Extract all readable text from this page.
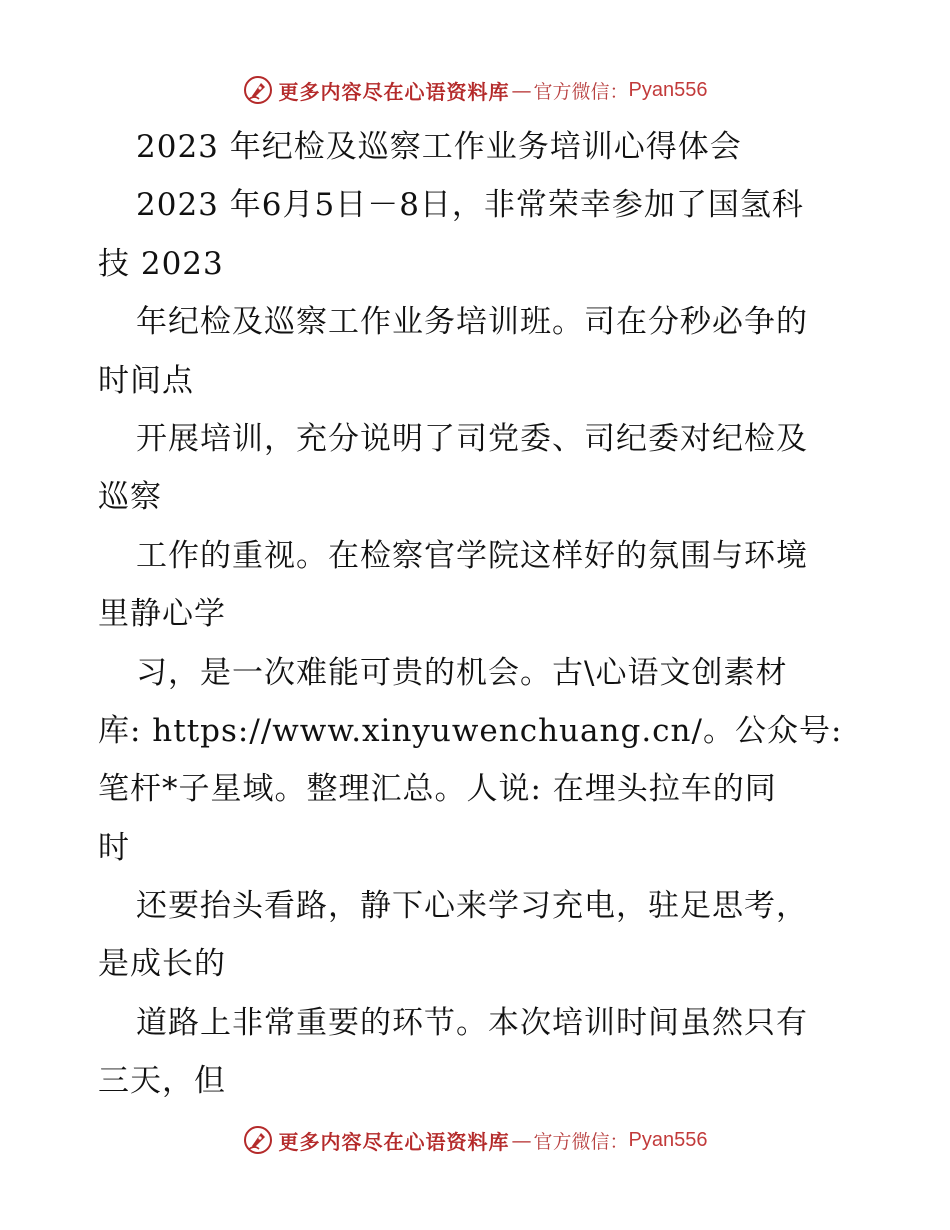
更多内容尽在心语资料库 — 官方微信： Pyan556
2023 年纪检及巡察工作业务培训心得体会
2023 年6月5日－8日，非常荣幸参加了国氢科
技 2023
年纪检及巡察工作业务培训班。司在分秒必争的
时间点
开展培训，充分说明了司党委、司纪委对纪检及
巡察
工作的重视。在检察官学院这样好的氛围与环境
里静心学
习，是一次难能可贵的机会。古\心语文创素材
库: https://www.xinyuwenchuang.cn/。公众号:
笔杆*子星域。整理汇总。人说: 在埋头拉车的同
时
还要抬头看路，静下心来学习充电，驻足思考，
是成长的
道路上非常重要的环节。本次培训时间虽然只有
三天，但
更多内容尽在心语资料库 — 官方微信： Pyan556
